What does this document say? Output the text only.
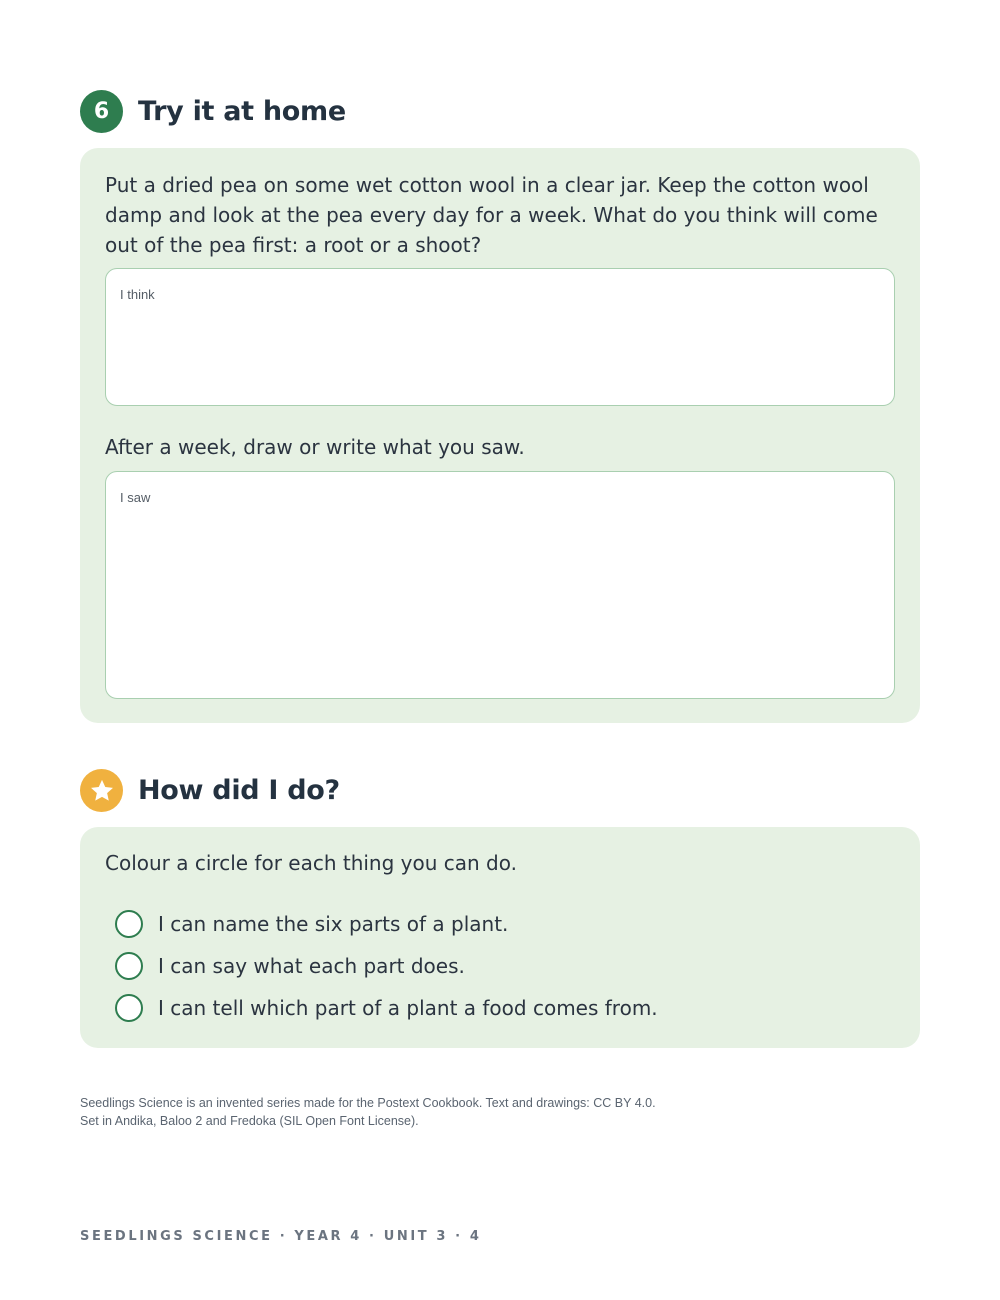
6	Try it at home
Put a dried pea on some wet cotton wool in a clear jar. Keep the cotton wool damp and look at the pea every day for a week. What do you think will come out of the pea first: a root or a shoot?
I think
After a week, draw or write what you saw.
I saw
How did I do?
Colour a circle for each thing you can do.
I can name the six parts of a plant.
I can say what each part does.
I can tell which part of a plant a food comes from.
Seedlings Science is an invented series made for the Postext Cookbook. Text and drawings: CC BY 4.0.
Set in Andika, Baloo 2 and Fredoka (SIL Open Font License).
SEEDLINGS SCIENCE · YEAR 4 · UNIT 3 · 4
